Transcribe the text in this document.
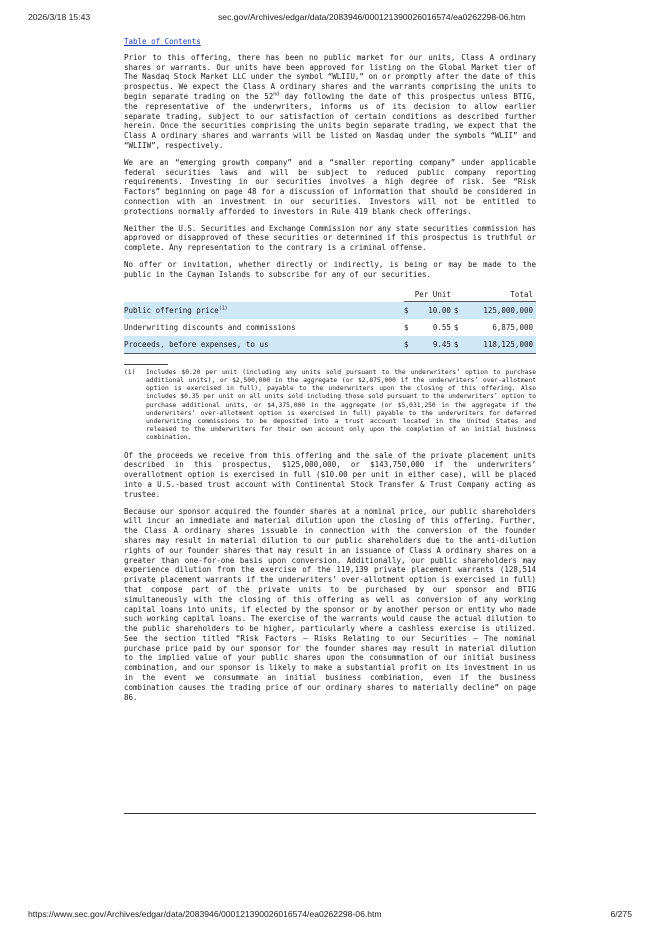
2026/3/18 15:43	sec.gov/Archives/edgar/data/2083946/000121390026016574/ea0262298-06.htm
Table of Contents

Prior to this offering, there has been no public market for our units, Class A ordinary shares or warrants. Our units have been approved for listing on the Global Market tier of The Nasdaq Stock Market LLC under the symbol “WLIIU,” on or promptly after the date of this prospectus. We expect the Class A ordinary shares and the warrants comprising the units to begin separate trading on the 52nd day following the date of this prospectus unless BTIG, the representative of the underwriters, informs us of its decision to allow earlier separate trading, subject to our satisfaction of certain conditions as described further herein. Once the securities comprising the units begin separate trading, we expect that the Class A ordinary shares and warrants will be listed on Nasdaq under the symbols “WLII” and “WLIIW”, respectively.

We are an “emerging growth company” and a “smaller reporting company” under applicable federal securities laws and will be subject to reduced public company reporting requirements. Investing in our securities involves a high degree of risk. See “Risk Factors” beginning on page 48 for a discussion of information that should be considered in connection with an investment in our securities. Investors will not be entitled to protections normally afforded to investors in Rule 419 blank check offerings.

Neither the U.S. Securities and Exchange Commission nor any state securities commission has approved or disapproved of these securities or determined if this prospectus is truthful or complete. Any representation to the contrary is a criminal offense.

No offer or invitation, whether directly or indirectly, is being or may be made to the public in the Cayman Islands to subscribe for any of our securities.

	Per Unit		Total	
Public offering price$^{(1)}$	$	10.00	$	125,000,000
Underwriting discounts and commissions	$	0.55	$	6,875,000
Proceeds, before expenses, to us	$	9.45	$	118,125,000
(1)	Includes $0.20 per unit (including any units sold pursuant to the underwriters’ option to purchase additional units), or $2,500,000 in the aggregate (or $2,875,000 if the underwriters’ over-allotment option is exercised in full), payable to the underwriters upon the closing of this offering. Also includes $0.35 per unit on all units sold including those sold pursuant to the underwriters’ option to purchase additional units, or $4,375,000 in the aggregate (or $5,031,250 in the aggregate if the underwriters’ over-allotment option is exercised in full) payable to the underwriters for deferred underwriting commissions to be deposited into a trust account located in the United States and released to the underwriters for their own account only upon the completion of an initial business combination.

Of the proceeds we receive from this offering and the sale of the private placement units described in this prospectus, $125,000,000, or $143,750,000 if the underwriters’ overallotment option is exercised in full ($10.00 per unit in either case), will be placed into a U.S.-based trust account with Continental Stock Transfer & Trust Company acting as trustee.

Because our sponsor acquired the founder shares at a nominal price, our public shareholders will incur an immediate and material dilution upon the closing of this offering. Further, the Class A ordinary shares issuable in connection with the conversion of the founder shares may result in material dilution to our public shareholders due to the anti-dilution rights of our founder shares that may result in an issuance of Class A ordinary shares on a greater than one-for-one basis upon conversion. Additionally, our public shareholders may experience dilution from the exercise of the 119,139 private placement warrants (128,514 private placement warrants if the underwriters’ over-allotment option is exercised in full) that compose part of the private units to be purchased by our sponsor and BTIG simultaneously with the closing of this offering as well as conversion of any working capital loans into units, if elected by the sponsor or by another person or entity who made such working capital loans. The exercise of the warrants would cause the actual dilution to the public shareholders to be higher, particularly where a cashless exercise is utilized. See the section titled “Risk Factors — Risks Relating to our Securities — The nominal purchase price paid by our sponsor for the founder shares may result in material dilution to the implied value of your public shares upon the consummation of our initial business combination, and our sponsor is likely to make a substantial profit on its investment in us in the event we consummate an initial business combination, even if the business combination causes the trading price of our ordinary shares to materially decline” on page 86.

https://www.sec.gov/Archives/edgar/data/2083946/000121390026016574/ea0262298-06.htm	6/275
